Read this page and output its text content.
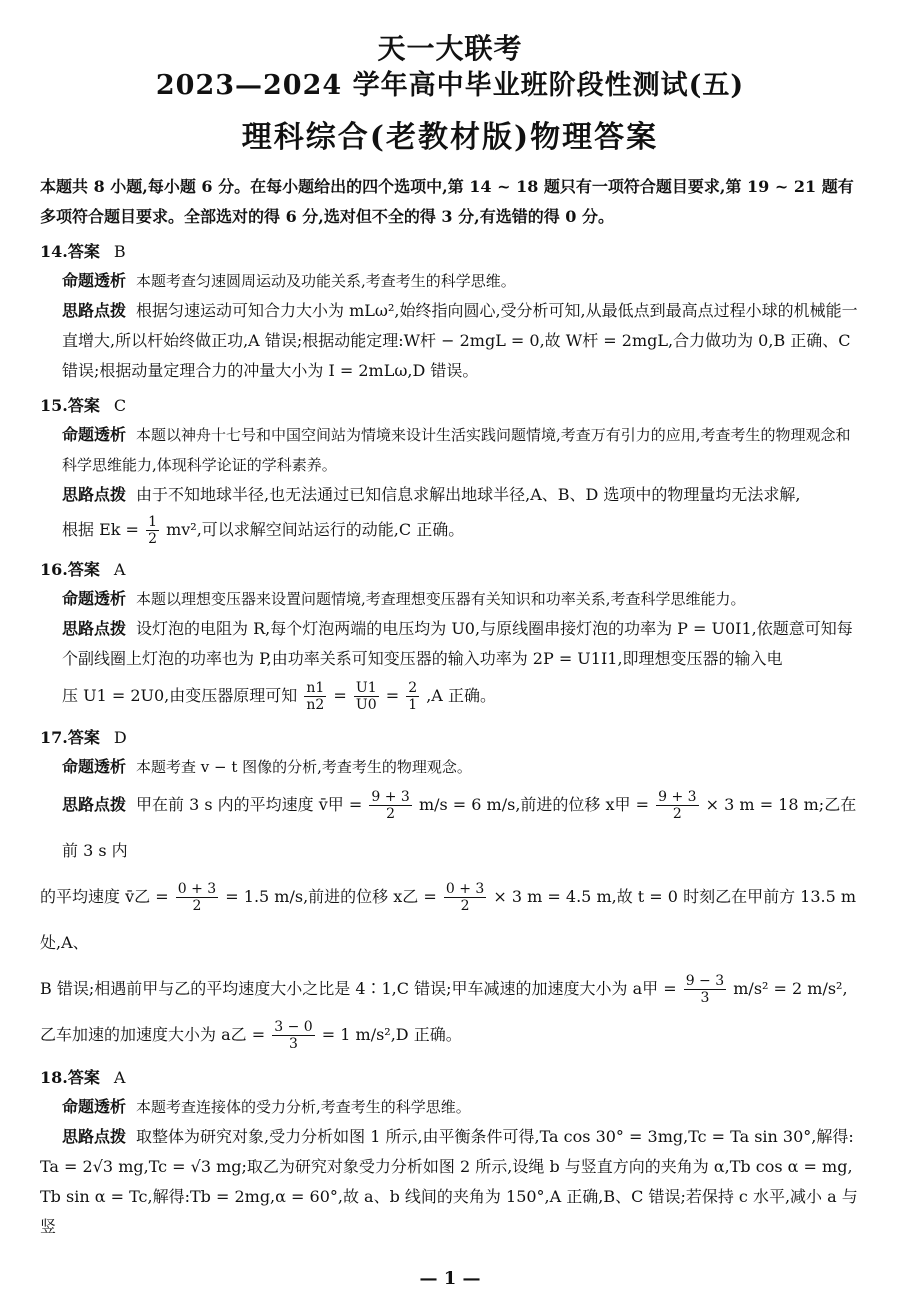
天一大联考
2023—2024 学年高中毕业班阶段性测试(五)
理科综合(老教材版)物理答案
本题共 8 小题,每小题 6 分。在每小题给出的四个选项中,第 14 ~ 18 题只有一项符合题目要求,第 19 ~ 21 题有多项符合题目要求。全部选对的得 6 分,选对但不全的得 3 分,有选错的得 0 分。
14.答案 B
命题透析 本题考查匀速圆周运动及功能关系,考查考生的科学思维。
思路点拨 根据匀速运动可知合力大小为 mLω²,始终指向圆心,受分析可知,从最低点到最高点过程小球的机械能一直增大,所以杆始终做正功,A 错误;根据动能定理:W杆 − 2mgL = 0,故 W杆 = 2mgL,合力做功为 0,B 正确、C 错误;根据动量定理合力的冲量大小为 I = 2mLω,D 错误。
15.答案 C
命题透析 本题以神舟十七号和中国空间站为情境来设计生活实践问题情境,考查万有引力的应用,考查考生的物理观念和科学思维能力,体现科学论证的学科素养。
思路点拨 由于不知地球半径,也无法通过已知信息求解出地球半径,A、B、D 选项中的物理量均无法求解,
根据 $Ek = \frac{1}{2} mv^2$,可以求解空间站运行的动能,C 正确。
16.答案 A
命题透析 本题以理想变压器来设置问题情境,考查理想变压器有关知识和功率关系,考查科学思维能力。
思路点拨 设灯泡的电阻为 R,每个灯泡两端的电压均为 U0,与原线圈串接灯泡的功率为 P = U0I1,依题意可知每个副线圈上灯泡的功率也为 P,由功率关系可知变压器的输入功率为 2P = U1I1,即理想变压器的输入电
压 U1 = 2U0,由变压器原理可知 $\frac{n1}{n2} = \frac{U1}{U0} = \frac{2}{1} ,A$ 正确。
17.答案 D
命题透析 本题考查 v − t 图像的分析,考查考生的物理观念。
思路点拨 甲在前 3 s 内的平均速度 v̄甲 = $\frac{9 + 3}{2} m/s = 6$ m/s,前进的位移 x甲 = $\frac{9 + 3}{2} \times 3$ m = 18 m;乙在前 3 s 内
的平均速度 v̄乙 = $\frac{0 + 3}{2} = 1.5$ m/s,前进的位移 x乙 = $\frac{0 + 3}{2} \times 3$ m = 4.5 m,故 t = 0 时刻乙在甲前方 13.5 m 处,A、
B 错误;相遇前甲与乙的平均速度大小之比是 4∶1,C 错误;甲车减速的加速度大小为 a甲 = $\frac{9 - 3}{3} m/s^2 = 2$ m/s²,
乙车加速的加速度大小为 a乙 = $\frac{3 - 0}{3} = 1$ m/s²,D 正确。
18.答案 A
命题透析 本题考查连接体的受力分析,考查考生的科学思维。
思路点拨 取整体为研究对象,受力分析如图 1 所示,由平衡条件可得,Ta cos 30° = 3mg,Tc = Ta sin 30°,解得:
Ta = 2√3 mg,Tc = √3 mg;取乙为研究对象受力分析如图 2 所示,设绳 b 与竖直方向的夹角为 α,Tb cos α = mg,
Tb sin α = Tc,解得:Tb = 2mg,α = 60°,故 a、b 线间的夹角为 150°,A 正确,B、C 错误;若保持 c 水平,减小 a 与竖
— 1 —
